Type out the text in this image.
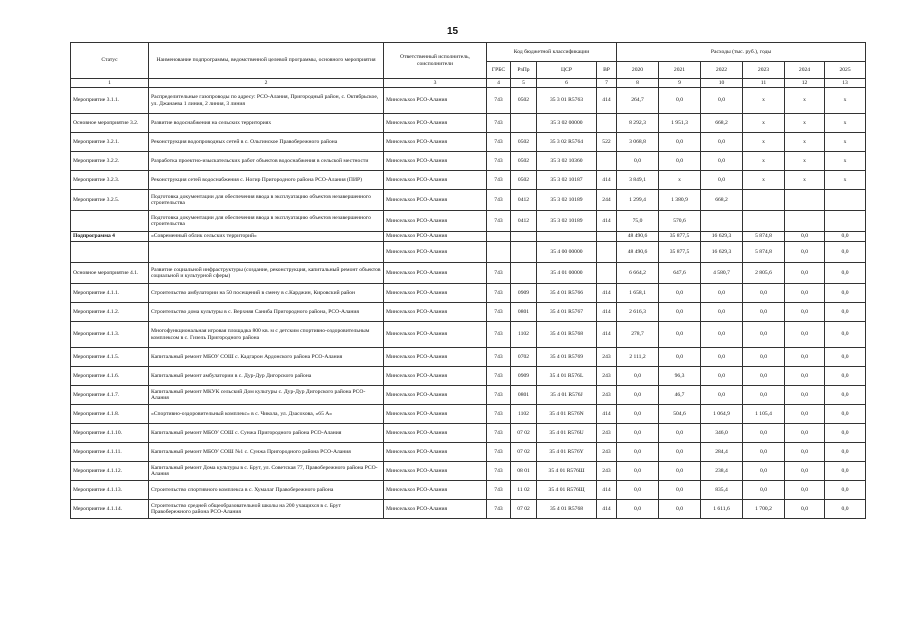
15
Статус	Наименование подпрограммы, ведомственной целевой программы, основного мероприятия	Ответственный исполнитель, соисполнители	Код бюджетной классификации				Расходы (тыс. руб.), годы					
			ГРБС	РзПр	ЦСР	ВР	2020	2021	2022	2023	2024	2025
1	2	3	4	5	6	7	8	9	10	11	12	13
Мероприятие 3.1.1.	Распределительные газопроводы по адресу: РСО-Алания, Пригородный район, с. Октябрьское, ул. Джанаева 1 линия, 2 линия, 3 линия	Минсельхоз РСО-Алания	743	0502	35 3 01 R5763	414	264,7	0,0	0,0	х	х	х
Основное мероприятие 3.2.	Развитие водоснабжения на сельских территориях	Минсельхоз РСО-Алания	743		35 3 02 00000		8 292,3	1 951,3	668,2	х	х	х
Мероприятие 3.2.1.	Реконструкция водопроводных сетей в с. Ольгинское Правобережного района	Минсельхоз РСО-Алания	743	0502	35 3 02 R5764	522	3 068,8	0,0	0,0	х	х	х
Мероприятие 3.2.2.	Разработка проектно-изыскательских работ объектов водоснабжения в сельской местности	Минсельхоз РСО-Алания	743	0502	35 3 02 10360		0,0	0,0	0,0	х	х	х
Мероприятие 3.2.3.	Реконструкция сетей водоснабжения с. Ногир Пригородного района РСО-Алания (ПИР)	Минсельхоз РСО-Алания	743	0502	35 3 02 10187	414	3 849,1	х	0,0	х	х	х
Мероприятие 3.2.5.	Подготовка документации для обеспечения ввода в эксплуатацию объектов незавершенного строительства	Минсельхоз РСО-Алания	743	0412	35 3 02 10189	244	1 299,4	1 380,9	668,2			
	Подготовка документации для обеспечения ввода в эксплуатацию объектов незавершенного строительства	Минсельхоз РСО-Алания	743	0412	35 3 02 10189	414	75,0	570,6				
Подпрограмма 4	«Современный облик сельских территорий»	Минсельхоз РСО-Алания					48 490,6	35 877,5	16 629,3	5 874,8	0,0	0,0
		Минсельхоз РСО-Алания			35 4 00 00000		48 490,6	35 877,5	16 629,3	5 874,8	0,0	0,0
Основное мероприятие 4.1.	Развитие социальной инфраструктуры (создание, реконструкция, капитальный ремонт объектов социальной и культурной сферы)	Минсельхоз РСО-Алания	743		35 4 01 00000		6 664,2	647,6	4 580,7	2 805,6	0,0	0,0
Мероприятие 4.1.1.	Строительство амбулатории на 50 посещений в смену в с.Карджин, Кировский район	Минсельхоз РСО-Алания	743	0909	35 4 01 R5766	414	1 658,1	0,0	0,0	0,0	0,0	0,0
Мероприятие 4.1.2.	Строительство дома культуры в с. Верхняя Саниба Пригородного района, РСО-Алания	Минсельхоз РСО-Алания	743	0801	35 4 01 R5767	414	2 616,3	0,0	0,0	0,0	0,0	0,0
Мероприятие 4.1.3.	Многофункциональная игровая площадка 800 кв. м с детским спортивно-оздоровительным комплексом в с. Гизель Пригородного района	Минсельхоз РСО-Алания	743	1102	35 4 01 R5768	414	278,7	0,0	0,0	0,0	0,0	0,0
Мероприятие 4.1.5.	Капитальный ремонт МБОУ СОШ с. Кадгарон Ардонского района РСО-Алания	Минсельхоз РСО-Алания	743	0702	35 4 01 R5769	243	2 111,2	0,0	0,0	0,0	0,0	0,0
Мероприятие 4.1.6.	Капитальный ремонт амбулатории в с. Дур-Дур Дигорского района	Минсельхоз РСО-Алания	743	0909	35 4 01 R576L	243	0,0	96,3	0,0	0,0	0,0	0,0
Мероприятие 4.1.7.	Капитальный ремонт МКУК сельский Дом культуры с. Дур-Дур Дигорского района РСО-Алания	Минсельхоз РСО-Алания	743	0801	35 4 01 R576J	243	0,0	46,7	0,0	0,0	0,0	0,0
Мероприятие 4.1.8.	«Спортивно-оздоровительный комплекс» в с. Чикола, ул. Дзасохова, «65 А»	Минсельхоз РСО-Алания	743	1102	35 4 01 R576N	414	0,0	504,6	1 064,9	1 105,4	0,0	0,0
Мероприятие 4.1.10.	Капитальный ремонт МБОУ СОШ с. Сунжа Пригородного района РСО-Алания	Минсельхоз РСО-Алания	743	07 02	35 4 01 R576U	243	0,0	0,0	346,0	0,0	0,0	0,0
Мероприятие 4.1.11.	Капитальный ремонт МБОУ СОШ №1 с. Сунжа Пригородного района РСО-Алания	Минсельхоз РСО-Алания	743	07 02	35 4 01 R576Y	243	0,0	0,0	284,4	0,0	0,0	0,0
Мероприятие 4.1.12.	Капитальный ремонт Дома культуры в с. Брут, ул. Советская 77, Правобережного района РСО-Алания	Минсельхоз РСО-Алания	743	08 01	35 4 01 R576Ш	243	0,0	0,0	238,4	0,0	0,0	0,0
Мероприятие 4.1.13.	Строительство спортивного комплекса в с. Хумалаг Правобережного района	Минсельхоз РСО-Алания	743	11 02	35 4 01 R576Щ	414	0,0	0,0	835,4	0,0	0,0	0,0
Мероприятие 4.1.14.	Строительство средней общеобразовательной школы на 200 учащихся в с. Брут Правобережного района РСО-Алания	Минсельхоз РСО-Алания	743	07 02	35 4 01 R5768	414	0,0	0,0	1 611,6	1 700,2	0,0	0,0
